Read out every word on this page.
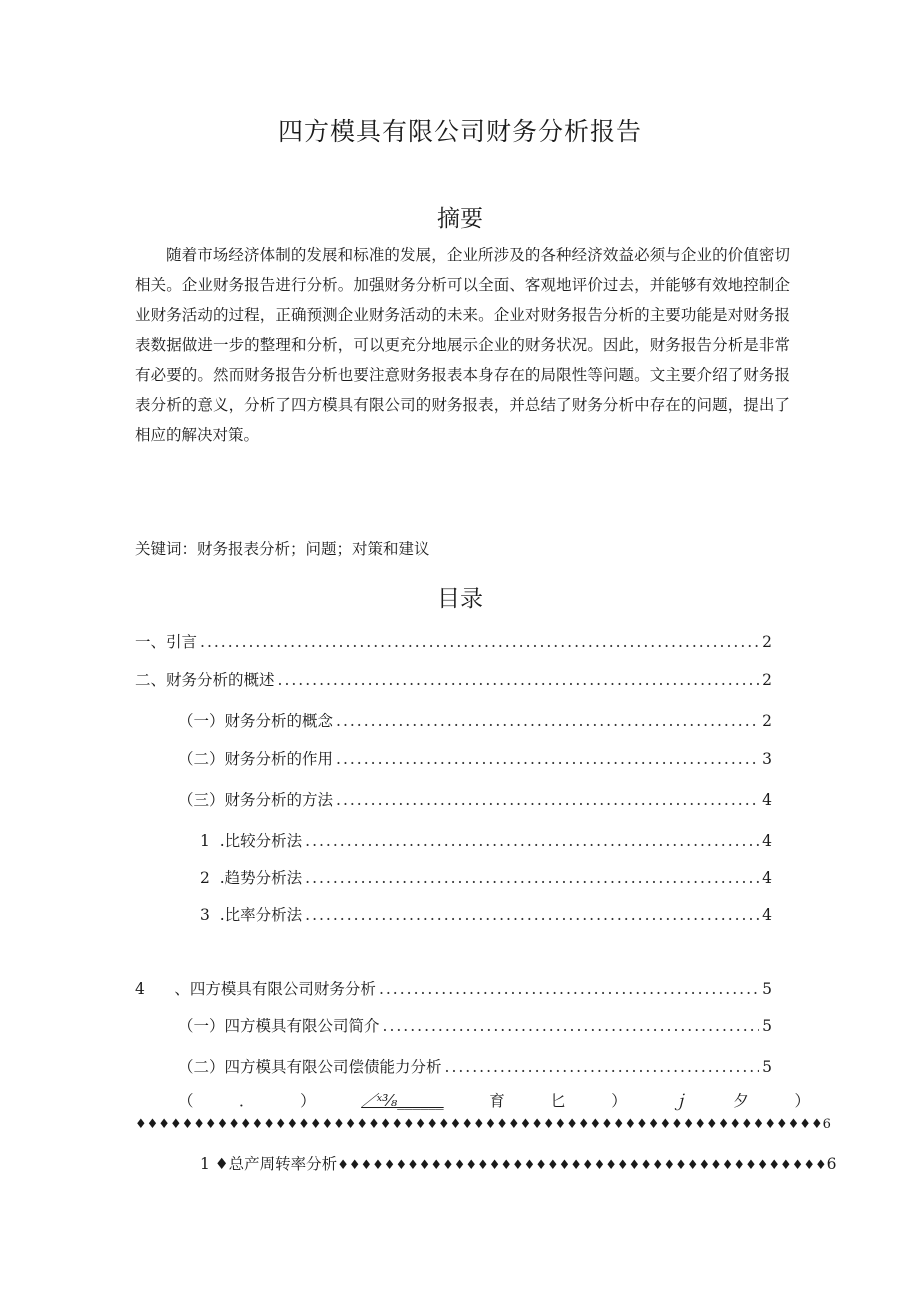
四方模具有限公司财务分析报告
摘要

随着市场经济体制的发展和标准的发展，企业所涉及的各种经济效益必须与企业的价值密切相关。企业财务报告进行分析。加强财务分析可以全面、客观地评价过去，并能够有效地控制企业财务活动的过程，正确预测企业财务活动的未来。企业对财务报告分析的主要功能是对财务报表数据做进一步的整理和分析，可以更充分地展示企业的财务状况。因此，财务报告分析是非常有必要的。然而财务报告分析也要注意财务报表本身存在的局限性等问题。文主要介绍了财务报表分析的意义，分析了四方模具有限公司的财务报表，并总结了财务分析中存在的问题，提出了相应的解决对策。

关键词：财务报表分析；问题；对策和建议
目录
一、引言 .....	2
二、财务分析的概述 .....	2
（一）财务分析的概念 .....	2
（二）财务分析的作用 .....	3
（三）财务分析的方法 .....	4
1  .比较分析法 .....	4
2  .趋势分析法 .....	4
3  .比率分析法 .....	4
4      、四方模具有限公司财务分析 .....	5
（一）四方模具有限公司简介 .....	5
（二）四方模具有限公司偿债能力分析 .....	5
（	．	）	／ˣ³⁄₈______	育	匕	）	ｊ	夕	）
♦♦♦♦♦♦♦♦♦♦♦♦♦♦♦♦♦♦♦♦♦♦♦♦♦♦♦♦♦♦♦♦♦♦♦♦♦♦♦♦♦♦♦♦♦♦♦♦♦♦♦♦♦♦♦♦♦♦♦6
1 ♦总产周转率分析♦♦♦♦♦♦♦♦♦♦♦♦♦♦♦♦♦♦♦♦♦♦♦♦♦♦♦♦♦♦♦♦♦♦♦♦♦♦♦♦♦♦6
